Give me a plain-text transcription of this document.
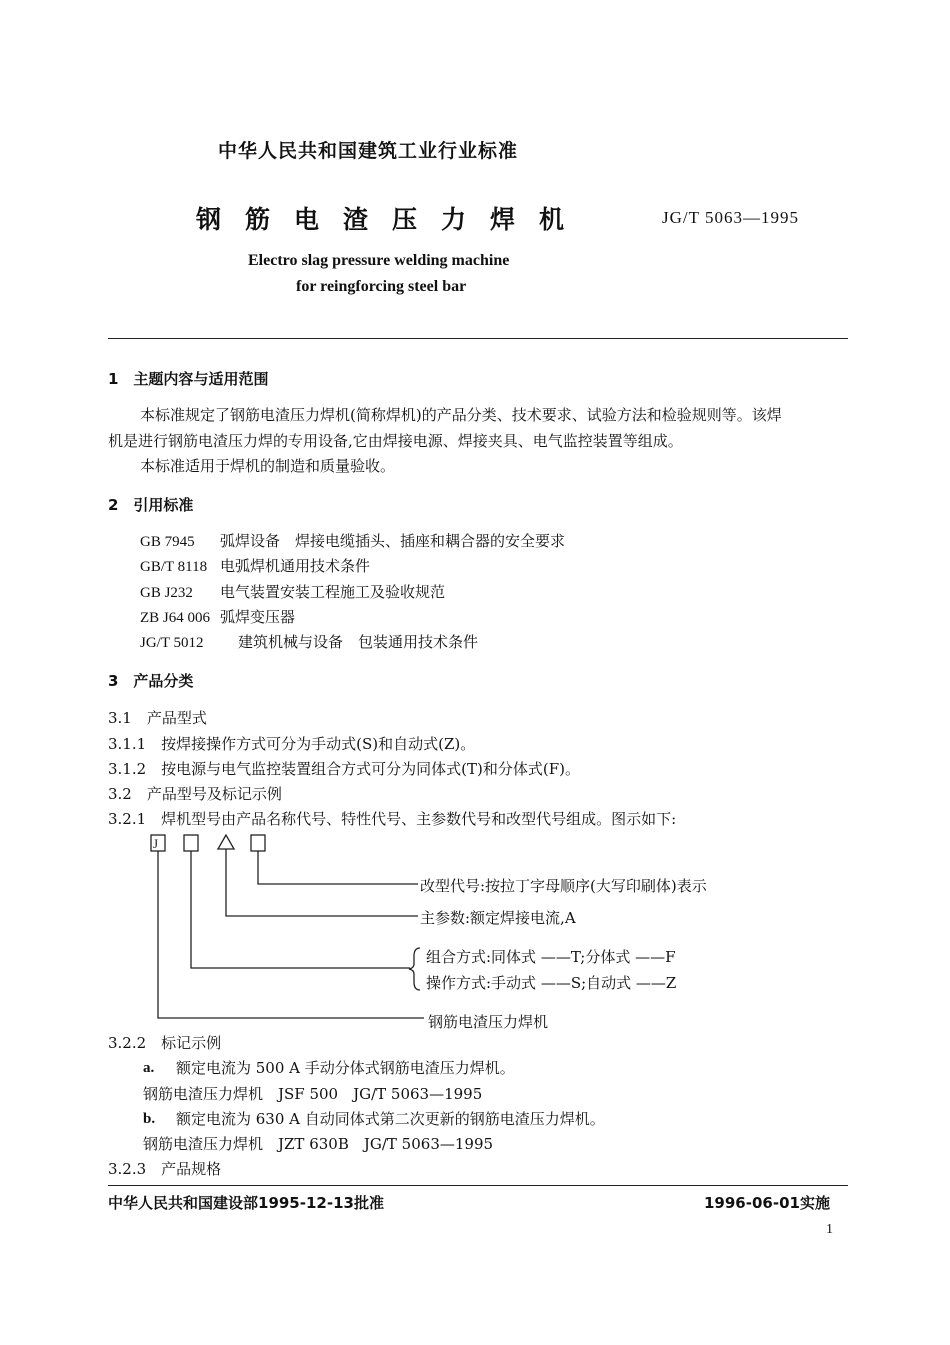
中华人民共和国建筑工业行业标准
钢筋电渣压力焊机	JG/T 5063—1995
Electro slag pressure welding machine
for reingforcing steel bar
1　主题内容与适用范围
本标准规定了钢筋电渣压力焊机(简称焊机)的产品分类、技术要求、试验方法和检验规则等。该焊
机是进行钢筋电渣压力焊的专用设备,它由焊接电源、焊接夹具、电气监控装置等组成。
本标准适用于焊机的制造和质量验收。
2　引用标准
GB 7945 弧焊设备　焊接电缆插头、插座和耦合器的安全要求
GB/T 8118 电弧焊机通用技术条件
GB J232 电气装置安装工程施工及验收规范
ZB J64 006 弧焊变压器
JG/T 5012 建筑机械与设备　包装通用技术条件
3　产品分类
3.1　产品型式
3.1.1　按焊接操作方式可分为手动式(S)和自动式(Z)。
3.1.2　按电源与电气监控装置组合方式可分为同体式(T)和分体式(F)。
3.2　产品型号及标记示例
3.2.1　焊机型号由产品名称代号、特性代号、主参数代号和改型代号组成。图示如下:
J
改型代号:按拉丁字母顺序(大写印刷体)表示
主参数:额定焊接电流,A
组合方式:同体式 ——T;分体式 ——F
操作方式:手动式 ——S;自动式 ——Z
钢筋电渣压力焊机
3.2.2　标记示例
a. 额定电流为 500 A 手动分体式钢筋电渣压力焊机。
钢筋电渣压力焊机　JSF 500　JG/T 5063—1995
b. 额定电流为 630 A 自动同体式第二次更新的钢筋电渣压力焊机。
钢筋电渣压力焊机　JZT 630B　JG/T 5063—1995
3.2.3　产品规格
中华人民共和国建设部1995-12-13批准	1996-06-01实施
1
